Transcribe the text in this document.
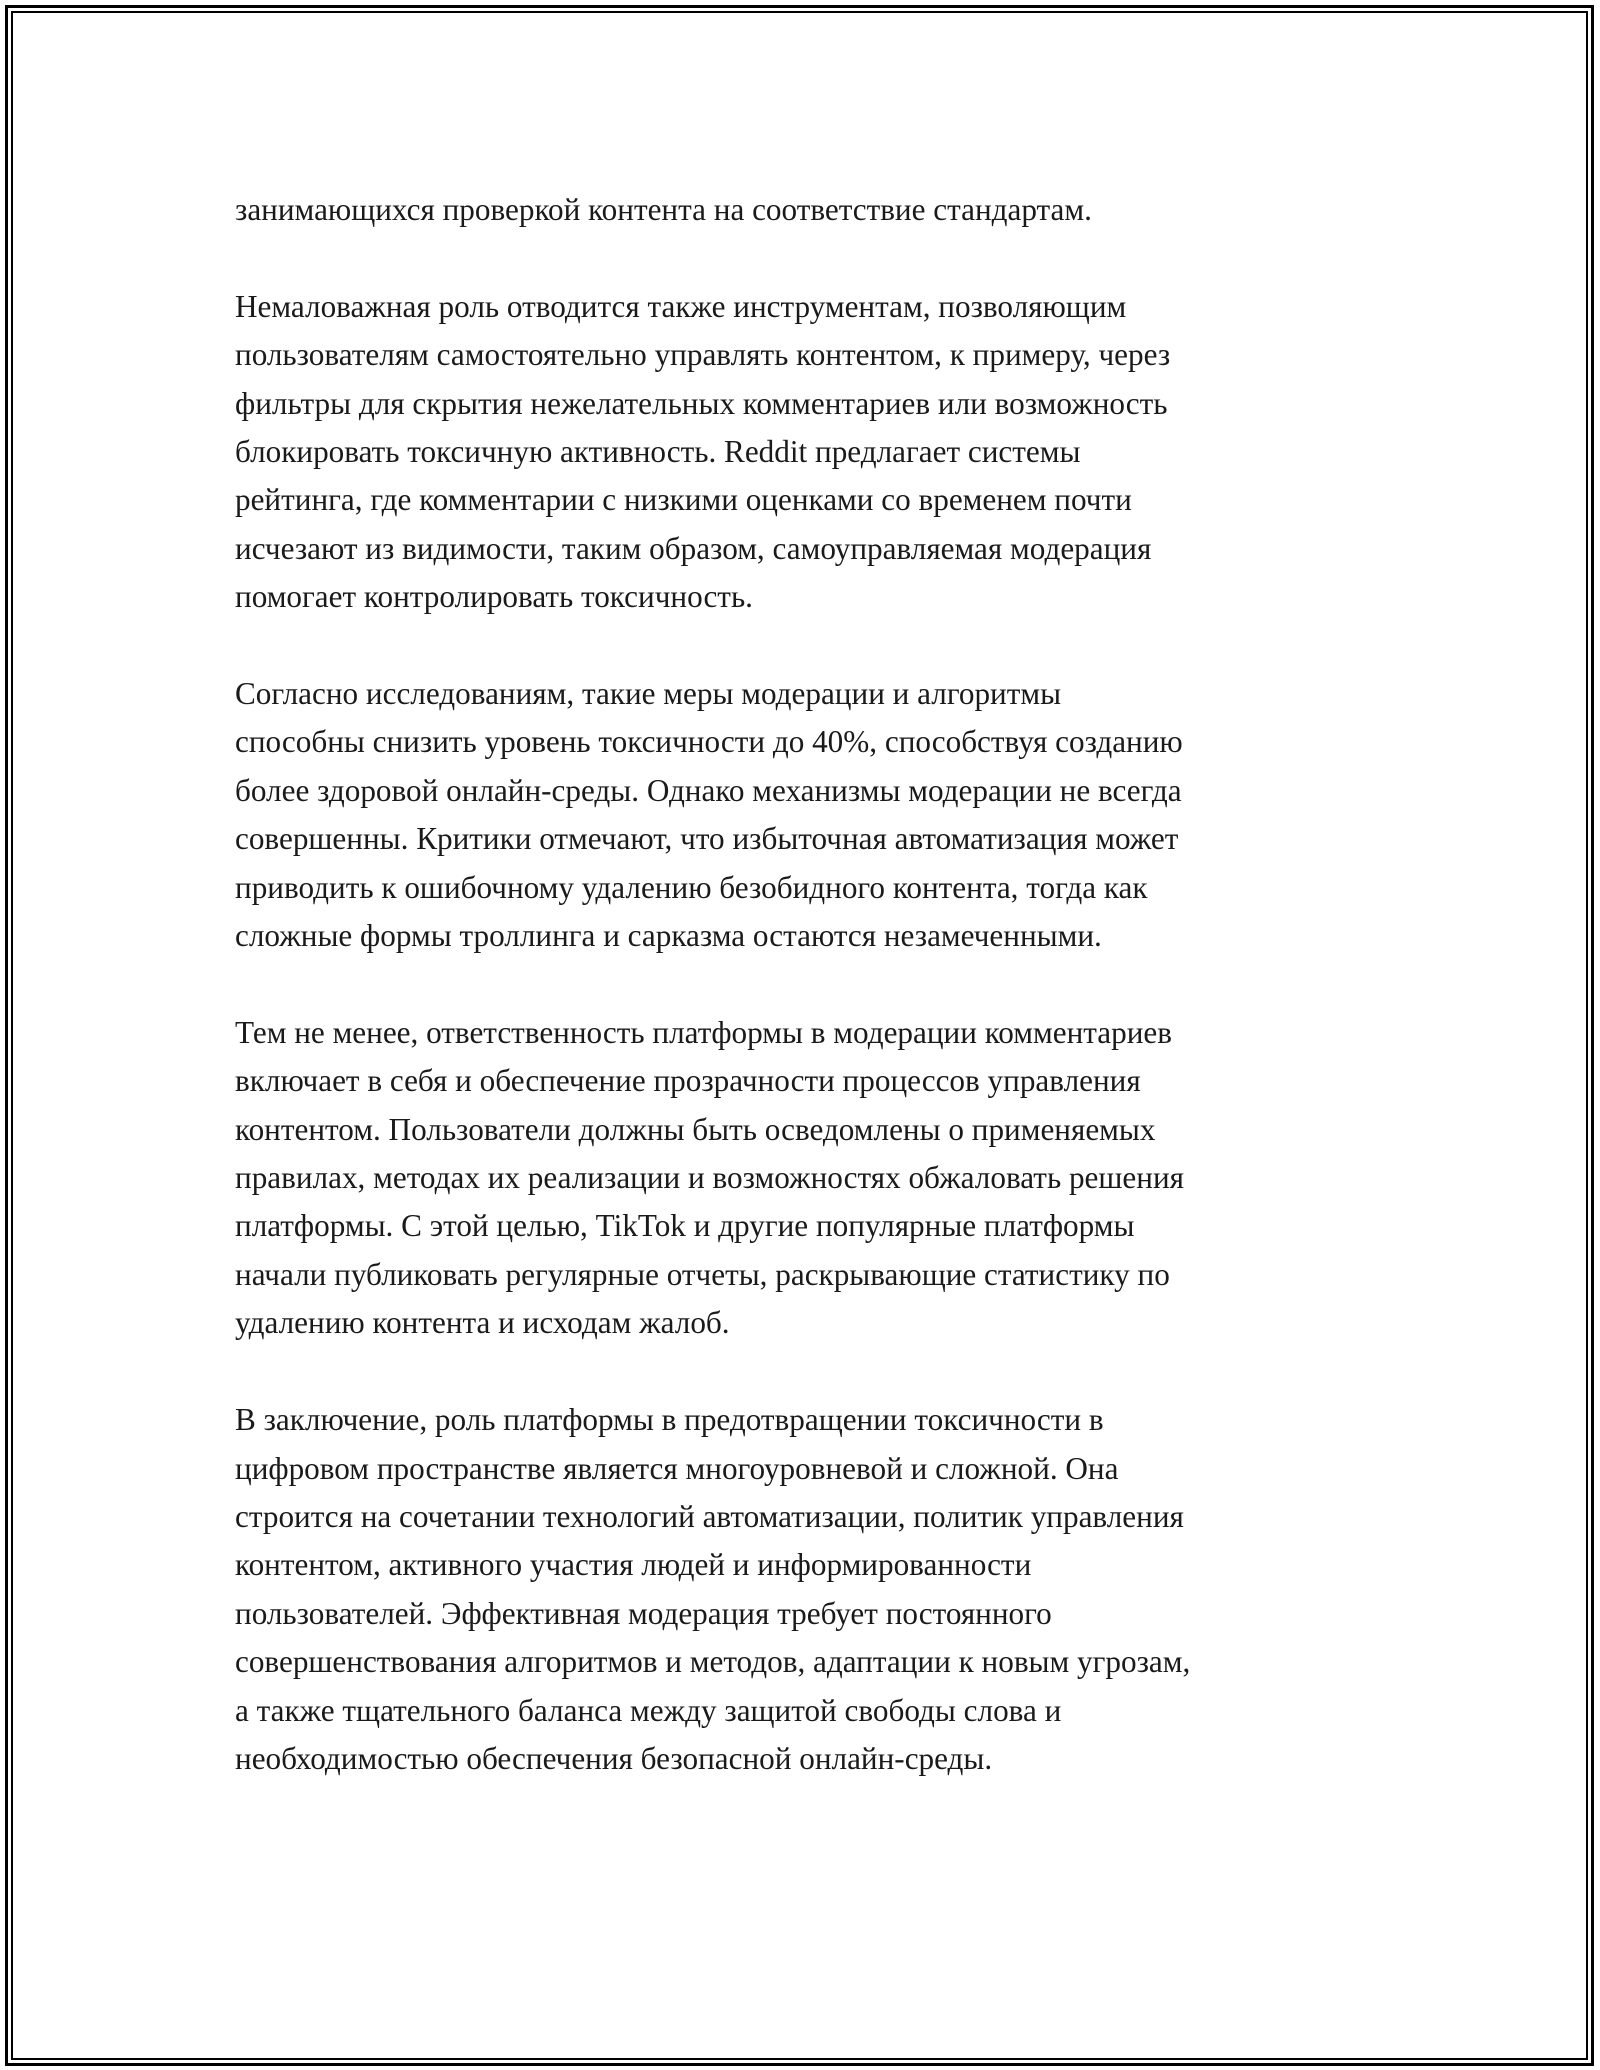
занимающихся проверкой контента на соответствие стандартам.

Немаловажная роль отводится также инструментам, позволяющим
пользователям самостоятельно управлять контентом, к примеру, через
фильтры для скрытия нежелательных комментариев или возможность
блокировать токсичную активность. Reddit предлагает системы
рейтинга, где комментарии с низкими оценками со временем почти
исчезают из видимости, таким образом, самоуправляемая модерация
помогает контролировать токсичность.

Согласно исследованиям, такие меры модерации и алгоритмы
способны снизить уровень токсичности до 40%, способствуя созданию
более здоровой онлайн-среды. Однако механизмы модерации не всегда
совершенны. Критики отмечают, что избыточная автоматизация может
приводить к ошибочному удалению безобидного контента, тогда как
сложные формы троллинга и сарказма остаются незамеченными.

Тем не менее, ответственность платформы в модерации комментариев
включает в себя и обеспечение прозрачности процессов управления
контентом. Пользователи должны быть осведомлены о применяемых
правилах, методах их реализации и возможностях обжаловать решения
платформы. С этой целью, TikTok и другие популярные платформы
начали публиковать регулярные отчеты, раскрывающие статистику по
удалению контента и исходам жалоб.

В заключение, роль платформы в предотвращении токсичности в
цифровом пространстве является многоуровневой и сложной. Она
строится на сочетании технологий автоматизации, политик управления
контентом, активного участия людей и информированности
пользователей. Эффективная модерация требует постоянного
совершенствования алгоритмов и методов, адаптации к новым угрозам,
а также тщательного баланса между защитой свободы слова и
необходимостью обеспечения безопасной онлайн-среды.
